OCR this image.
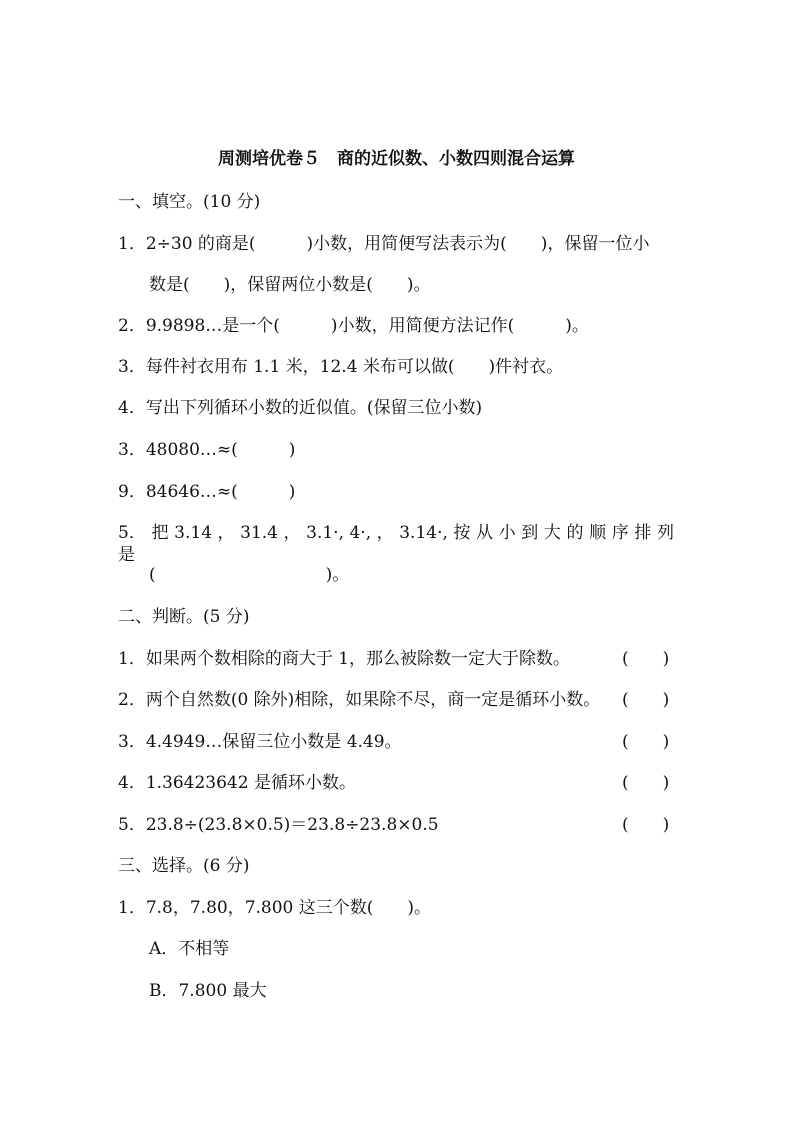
周测培优卷５　商的近似数、小数四则混合运算
一、填空。(10 分)
1．2÷30 的商是(　　　)小数，用简便写法表示为(　　)，保留一位小
数是(　　)，保留两位小数是(　　)。
2．9.9898…是一个(　　　)小数，用简便方法记作(　　　)。
3．每件衬衣用布 1.1 米，12.4 米布可以做(　　)件衬衣。
4．写出下列循环小数的近似值。(保留三位小数)
3．48080…≈(　　　)
9．84646…≈(　　　)
5． 把 3.14 ， 31.4 ， 3.1·, 4·, ， 3.14·, 按 从 小 到 大 的 顺 序 排 列 是
(　　　　　　　　　　)。
二、判断。(5 分)
1．如果两个数相除的商大于 1，那么被除数一定大于除数。	(　　)
2．两个自然数(0 除外)相除，如果除不尽，商一定是循环小数。 (　　)
3．4.4949…保留三位小数是 4.49。	(　　)
4．1.36423642 是循环小数。	(　　)
5．23.8÷(23.8×0.5)＝23.8÷23.8×0.5	(　　)
三、选择。(6 分)
1．7.8，7.80，7.800 这三个数(　　)。
A．不相等
B．7.800 最大
